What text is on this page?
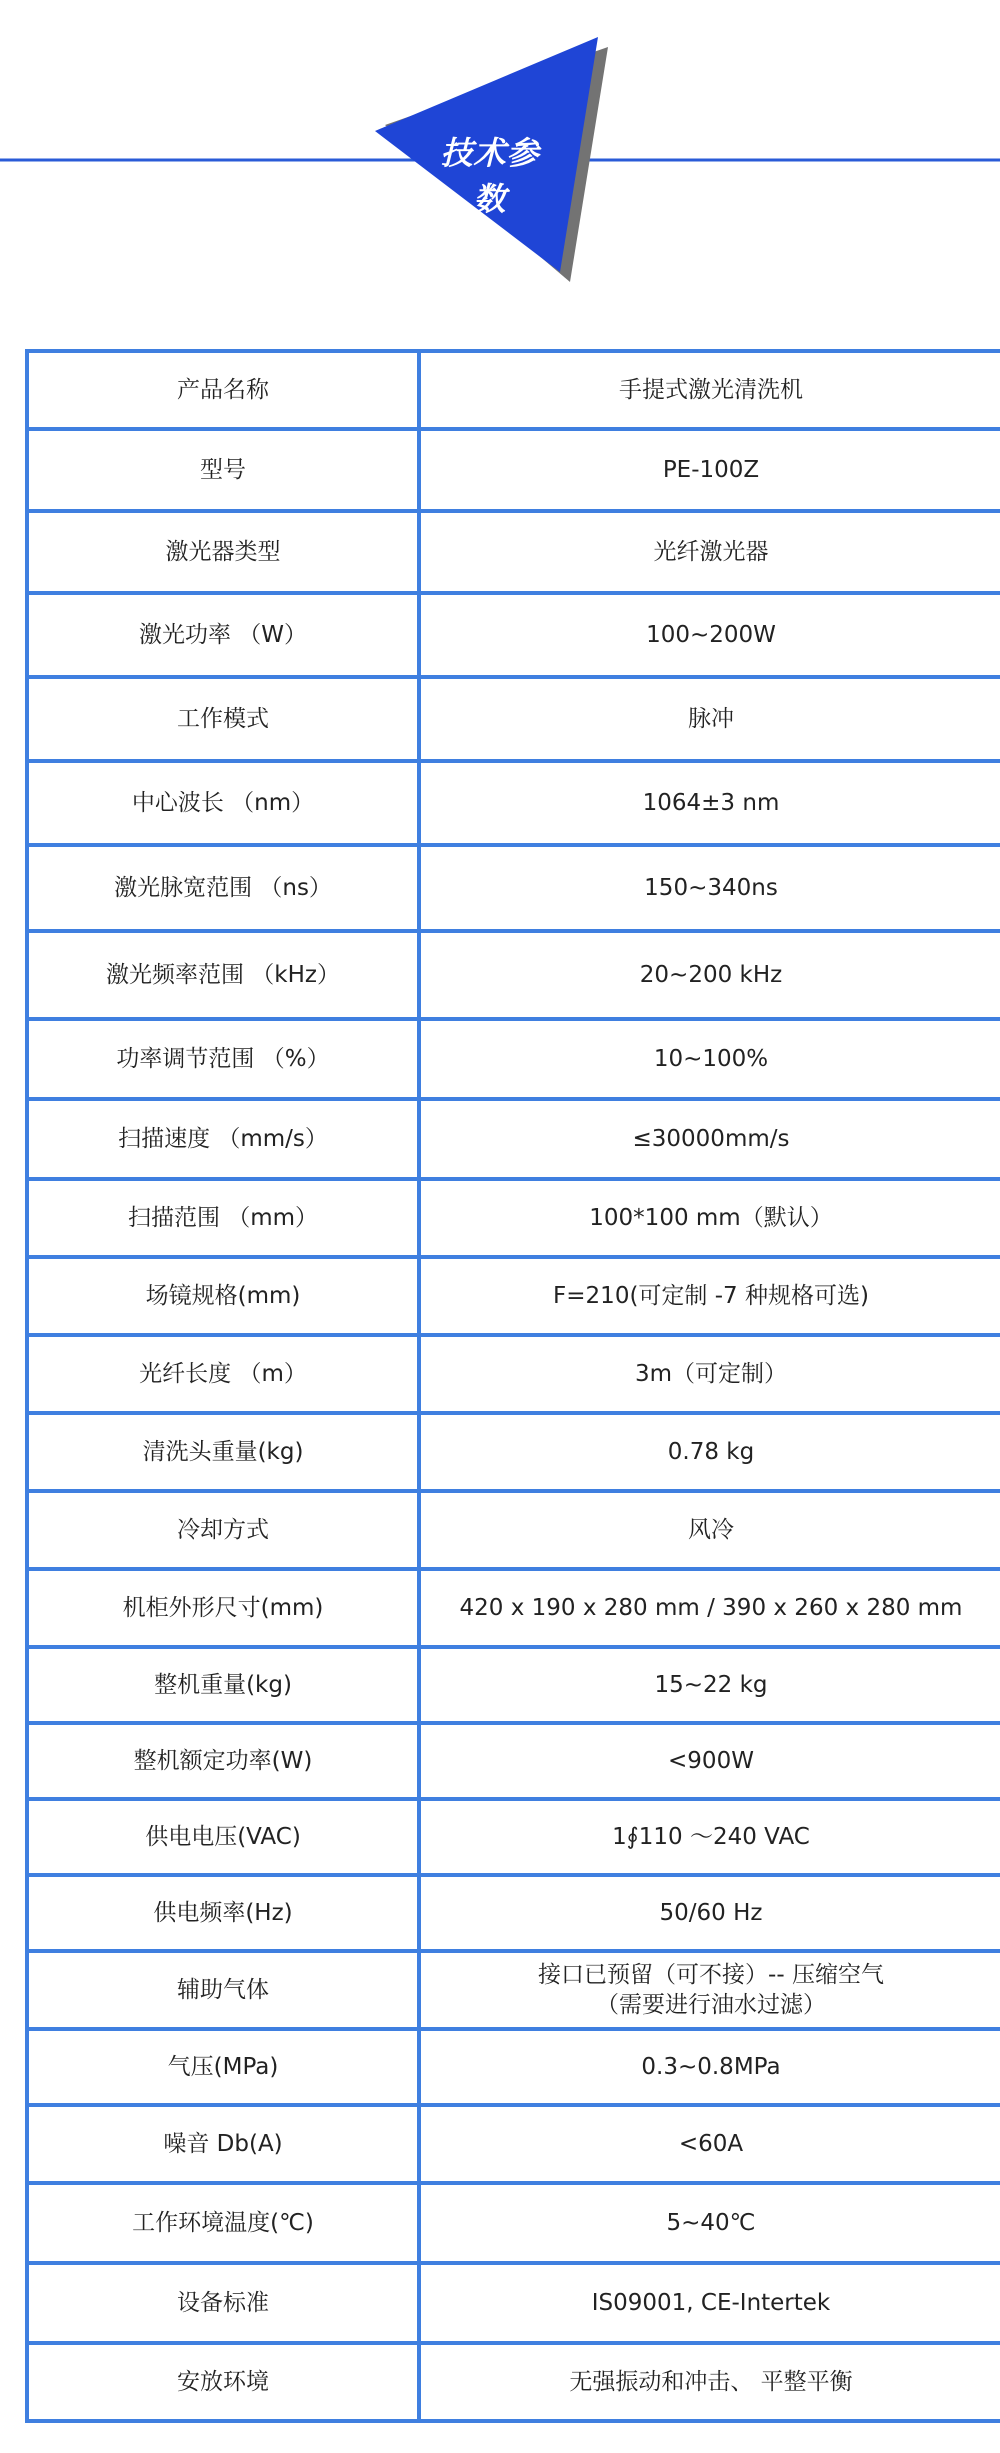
技术参数
产品名称	手提式激光清洗机
型号	PE-100Z
激光器类型	光纤激光器
激光功率 （W）	100~200W
工作模式	脉冲
中心波长 （nm）	1064±3 nm
激光脉宽范围 （ns）	150~340ns
激光频率范围 （kHz）	20~200 kHz
功率调节范围 （%）	10~100%
扫描速度 （mm/s）	≤30000mm/s
扫描范围 （mm）	100*100 mm（默认）
场镜规格(mm)	F=210(可定制 -7 种规格可选)
光纤长度 （m）	3m（可定制）
清洗头重量(kg)	0.78 kg
冷却方式	风冷
机柜外形尺寸(mm)	420 x 190 x 280 mm / 390 x 260 x 280 mm
整机重量(kg)	15~22 kg
整机额定功率(W)	<900W
供电电压(VAC)	1∮110 ～240 VAC
供电频率(Hz)	50/60 Hz
辅助气体	接口已预留（可不接）-- 压缩空气
（需要进行油水过滤）
气压(MPa)	0.3~0.8MPa
噪音 Db(A)	<60A
工作环境温度(℃)	5~40℃
设备标准	IS09001, CE-Intertek
安放环境	无强振动和冲击、 平整平衡
